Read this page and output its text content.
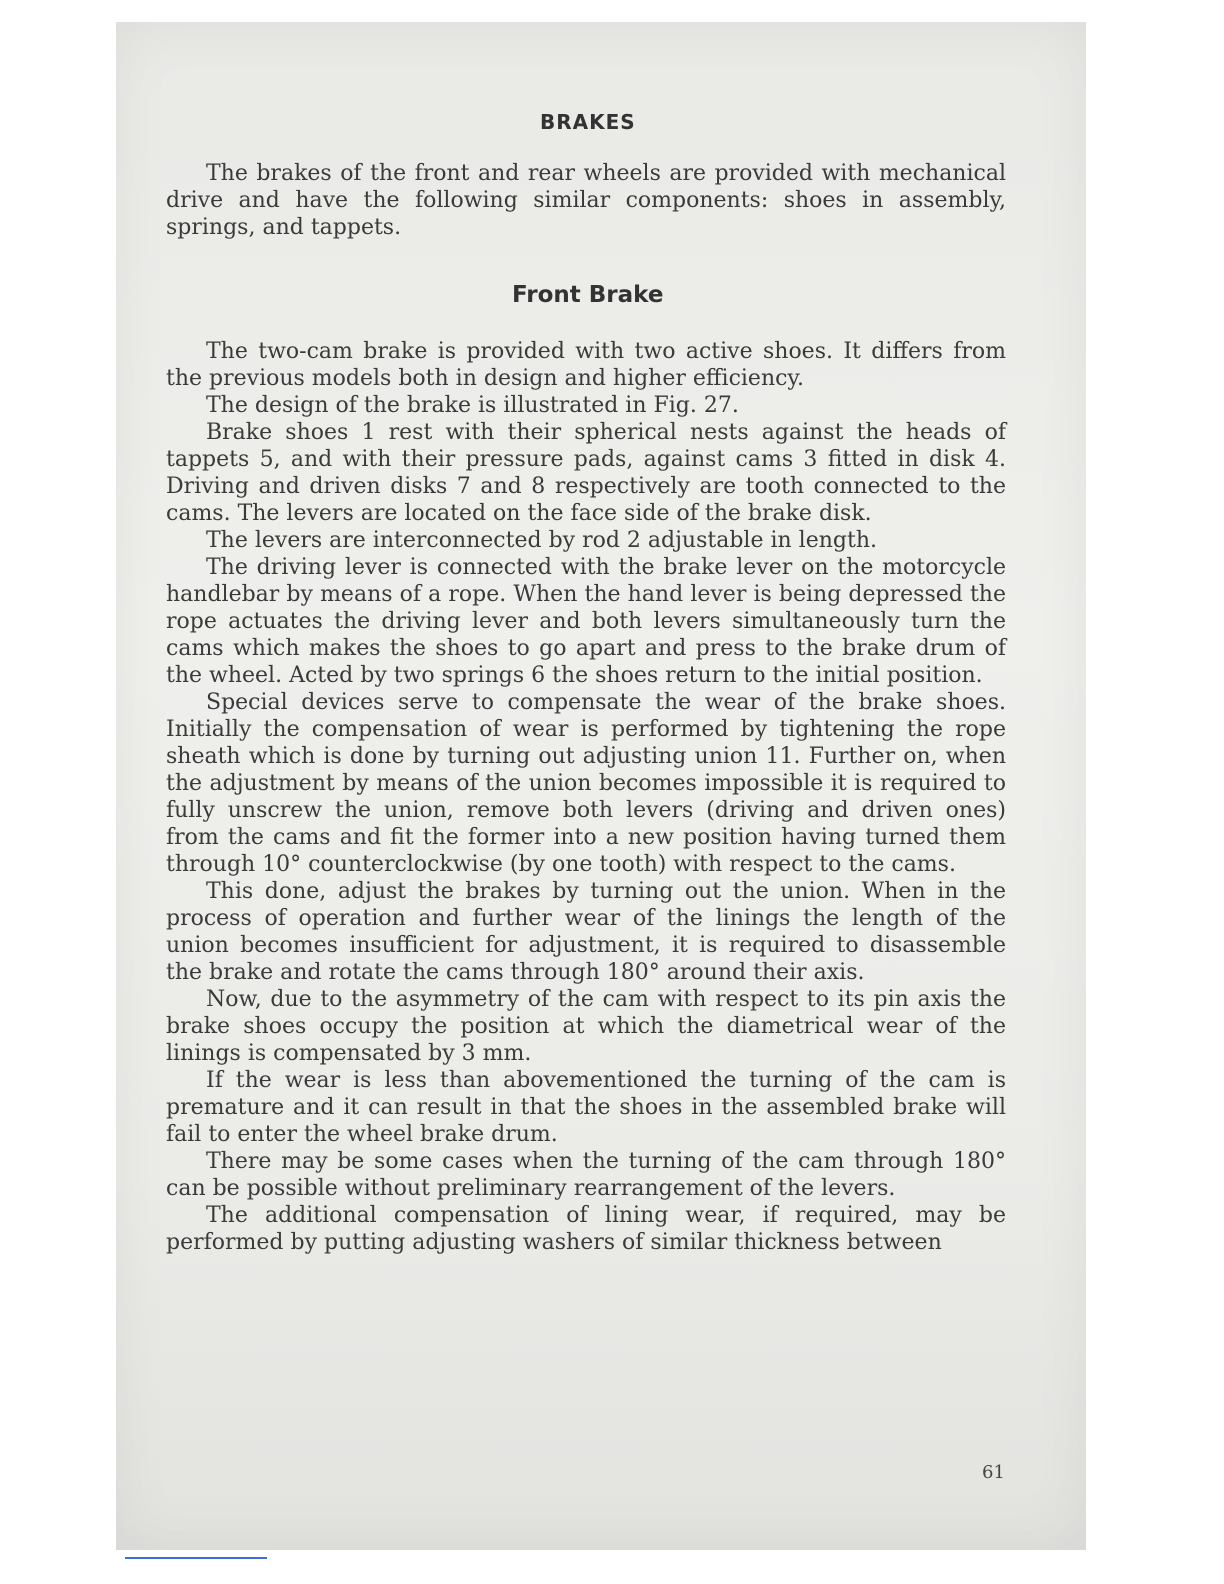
BRAKES

The brakes of the front and rear wheels are provided with mechanical drive and have the following similar components: shoes in assembly, springs, and tappets.

Front Brake

The two-cam brake is provided with two active shoes. It differs from the previous models both in design and higher efficiency.

The design of the brake is illustrated in Fig. 27.

Brake shoes 1 rest with their spherical nests against the heads of tappets 5, and with their pressure pads, against cams 3 fitted in disk 4. Driving and driven disks 7 and 8 respectively are tooth connected to the cams. The levers are located on the face side of the brake disk.

The levers are interconnected by rod 2 adjustable in length.

The driving lever is connected with the brake lever on the motorcycle handlebar by means of a rope. When the hand lever is being depressed the rope actuates the driving lever and both levers simultaneously turn the cams which makes the shoes to go apart and press to the brake drum of the wheel. Acted by two springs 6 the shoes return to the initial position.

Special devices serve to compensate the wear of the brake shoes. Initially the compensation of wear is performed by tightening the rope sheath which is done by turning out adjusting union 11. Further on, when the adjustment by means of the union becomes impossible it is required to fully unscrew the union, remove both levers (driving and driven ones) from the cams and fit the former into a new position having turned them through 10° counterclockwise (by one tooth) with respect to the cams.

This done, adjust the brakes by turning out the union. When in the process of operation and further wear of the linings the length of the union becomes insufficient for adjustment, it is required to disassemble the brake and rotate the cams through 180° around their axis.

Now, due to the asymmetry of the cam with respect to its pin axis the brake shoes occupy the position at which the diametrical wear of the linings is compensated by 3 mm.

If the wear is less than abovementioned the turning of the cam is premature and it can result in that the shoes in the assembled brake will fail to enter the wheel brake drum.

There may be some cases when the turning of the cam through 180° can be possible without preliminary rearrangement of the levers.

The additional compensation of lining wear, if required, may be performed by putting adjusting washers of similar thickness between

61
